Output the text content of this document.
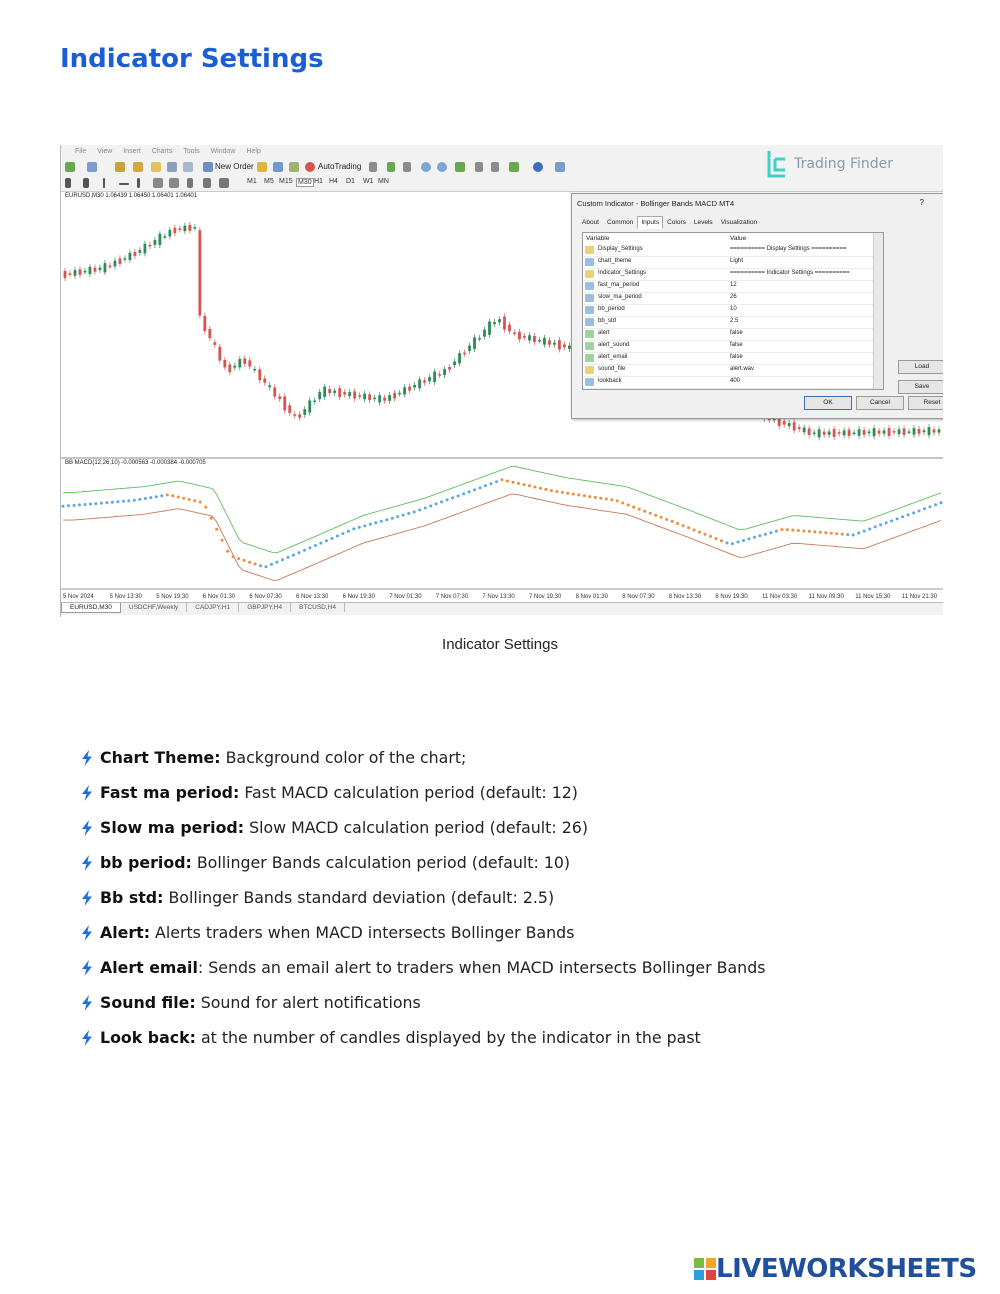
Indicator Settings
File View Insert Charts Tools Window Help
New Order	AutoTrading
M1 M5 M15 M30 H1 H4 D1 W1 MN
Trading Finder
5 Nov 2024	5 Nov 13:30 5 Nov 19:30 6 Nov 01:30 6 Nov 07:30 6 Nov 13:30 6 Nov 19:30 7 Nov 01:30 7 Nov 07:30 7 Nov 13:30 7 Nov 19:30 8 Nov 01:30 8 Nov 07:30 8 Nov 13:30 8 Nov 19:30 11 Nov 03:30 11 Nov 09:30 11 Nov 15:30 11 Nov 21:30
EURUSD,M30 1.06439 1.06450 1.06401 1.06401
BB MACD(12,26,10) -0.000563 -0.000384 -0.000705
Custom Indicator - Bollinger Bands MACD MT4	?
About	Common	Inputs	Colors	Levels	Visualization
Variable	Value
Display_Settings	========== Display Settings ==========
chart_theme	Light
Indicator_Settings	========== Indicator Settings ==========
fast_ma_period	12
slow_ma_period	26
bb_period	10
bb_std	2.5
alert	false
alert_sound	false
alert_email	false
sound_file	alert.wav
lookback	400
Load
Save
OK	Cancel	Reset
EURUSD,M30	USDCHF,Weekly	CADJPY,H1	GBPJPY,H4	BTCUSD,H4
Indicator Settings
Chart Theme: Background color of the chart;
Fast ma period: Fast MACD calculation period (default: 12)
Slow ma period: Slow MACD calculation period (default: 26)
bb period: Bollinger Bands calculation period (default: 10)
Bb std: Bollinger Bands standard deviation (default: 2.5)
Alert: Alerts traders when MACD intersects Bollinger Bands
Alert email: Sends an email alert to traders when MACD intersects Bollinger Bands
Sound file: Sound for alert notifications
Look back: at the number of candles displayed by the indicator in the past
LIVEWORKSHEETS
